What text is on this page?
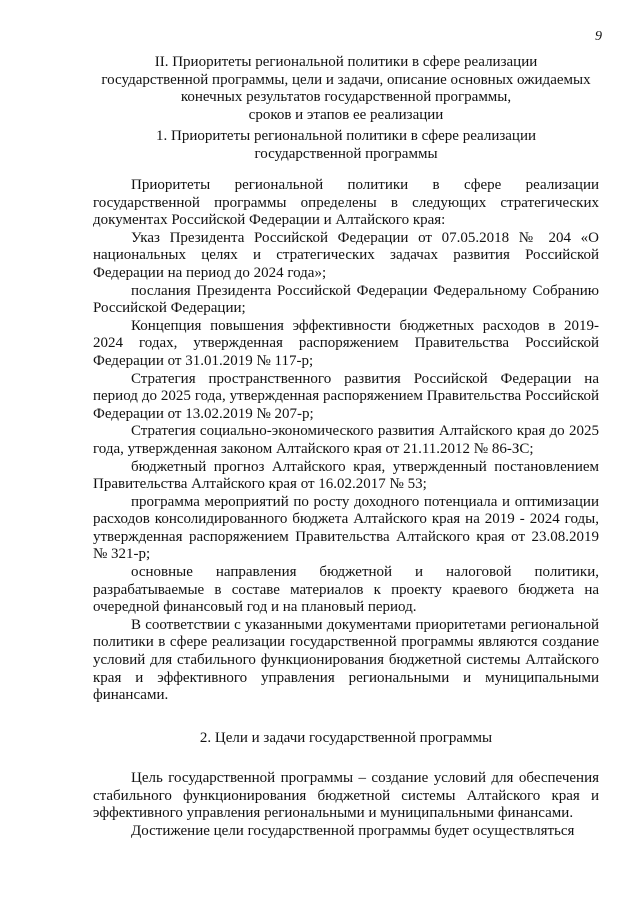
9

II. Приоритеты региональной политики в сфере реализации
государственной программы, цели и задачи, описание основных ожидаемых
конечных результатов государственной программы,
сроков и этапов ее реализации

1. Приоритеты региональной политики в сфере реализации
государственной программы

Приоритеты региональной политики в сфере реализации государственной программы определены в следующих стратегических документах Российской Федерации и Алтайского края:

Указ Президента Российской Федерации от 07.05.2018 № 204 «О национальных целях и стратегических задачах развития Российской Федерации на период до 2024 года»;

послания Президента Российской Федерации Федеральному Собранию Российской Федерации;

Концепция повышения эффективности бюджетных расходов в 2019-2024 годах, утвержденная распоряжением Правительства Российской Федерации от 31.01.2019 № 117-р;

Стратегия пространственного развития Российской Федерации на период до 2025 года, утвержденная распоряжением Правительства Российской Федерации от 13.02.2019 № 207-р;

Стратегия социально-экономического развития Алтайского края до 2025 года, утвержденная законом Алтайского края от 21.11.2012 № 86-ЗС;

бюджетный прогноз Алтайского края, утвержденный постановлением Правительства Алтайского края от 16.02.2017 № 53;

программа мероприятий по росту доходного потенциала и оптимизации расходов консолидированного бюджета Алтайского края на 2019 - 2024 годы, утвержденная распоряжением Правительства Алтайского края от 23.08.2019 № 321-р;

основные направления бюджетной и налоговой политики, разрабатываемые в составе материалов к проекту краевого бюджета на очередной финансовый год и на плановый период.

В соответствии с указанными документами приоритетами региональной политики в сфере реализации государственной программы являются создание условий для стабильного функционирования бюджетной системы Алтайского края и эффективного управления региональными и муниципальными финансами.

2. Цели и задачи государственной программы

Цель государственной программы – создание условий для обеспечения стабильного функционирования бюджетной системы Алтайского края и эффективного управления региональными и муниципальными финансами.

Достижение цели государственной программы будет осуществляться
